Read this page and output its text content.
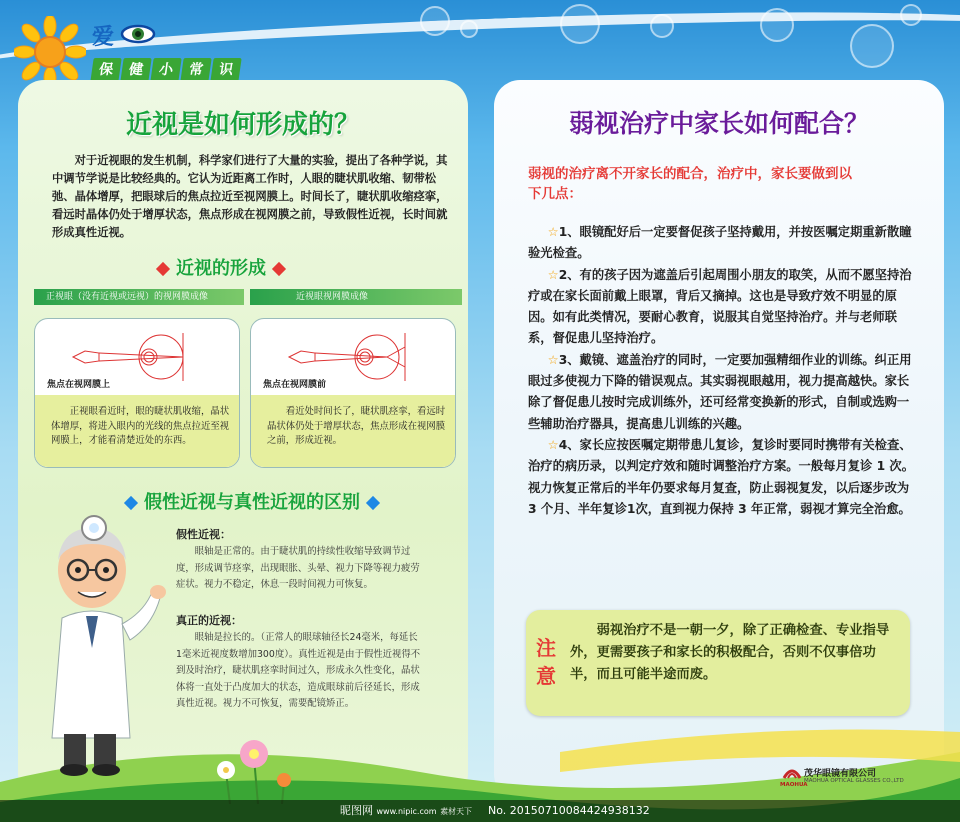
爱
保 健 小 常 识
近视是如何形成的？
对于近视眼的发生机制，科学家们进行了大量的实验，提出了各种学说，其中调节学说是比较经典的。它认为近距离工作时，人眼的睫状肌收缩、韧带松弛、晶体增厚，把眼球后的焦点拉近至视网膜上。时间长了，睫状肌收缩痉挛，看远时晶体仍处于增厚状态，焦点形成在视网膜之前，导致假性近视，长时间就形成真性近视。
近视的形成
正视眼（没有近视或远视）的视网膜成像	近视眼视网膜成像
焦点在视网膜上
正视眼看近时，眼的睫状肌收缩，晶状体增厚，将进入眼内的光线的焦点拉近至视网膜上，才能看清楚近处的东西。
焦点在视网膜前
看近处时间长了，睫状肌痉挛，看远时晶状体仍处于增厚状态，焦点形成在视网膜之前，形成近视。
假性近视与真性近视的区别
假性近视：
眼轴是正常的。由于睫状肌的持续性收缩导致调节过度，形成调节痉挛，出现眼胀、头晕、视力下降等视力疲劳症状。视力不稳定，休息一段时间视力可恢复。
真正的近视：
眼轴是拉长的。（正常人的眼球轴径长24毫米，每延长1毫米近视度数增加300度）。真性近视是由于假性近视得不到及时治疗，睫状肌痉挛时间过久，形成永久性变化，晶状体将一直处于凸度加大的状态，造成眼球前后径延长，形成真性近视。视力不可恢复，需要配镜矫正。
弱视治疗中家长如何配合？
弱视的治疗离不开家长的配合，治疗中，家长要做到以下几点：

☆1、眼镜配好后一定要督促孩子坚持戴用，并按医嘱定期重新散瞳验光检查。

☆2、有的孩子因为遮盖后引起周围小朋友的取笑，从而不愿坚持治疗或在家长面前戴上眼罩，背后又摘掉。这也是导致疗效不明显的原因。如有此类情况，要耐心教育，说服其自觉坚持治疗。并与老师联系，督促患儿坚持治疗。

☆3、戴镜、遮盖治疗的同时，一定要加强精细作业的训练。纠正用眼过多使视力下降的错误观点。其实弱视眼越用，视力提高越快。家长除了督促患儿按时完成训练外，还可经常变换新的形式，自制或选购一些辅助治疗器具，提高患儿训练的兴趣。

☆4、家长应按医嘱定期带患儿复诊，复诊时要同时携带有关检查、治疗的病历录，以判定疗效和随时调整治疗方案。一般每月复诊 1 次。视力恢复正常后的半年仍要求每月复查，防止弱视复发，以后逐步改为 3 个月、半年复诊1次，直到视力保持 3 年正常，弱视才算完全治愈。

注意
弱视治疗不是一朝一夕，除了正确检查、专业指导外，更需要孩子和家长的积极配合，否则不仅事倍功半，而且可能半途而废。
MAOHUA
茂华眼镜有限公司
MAOHUA OPTICAL GLASSES CO.,LTD
昵图网 www.nipic.com 素材天下 No. 20150710084424938132
